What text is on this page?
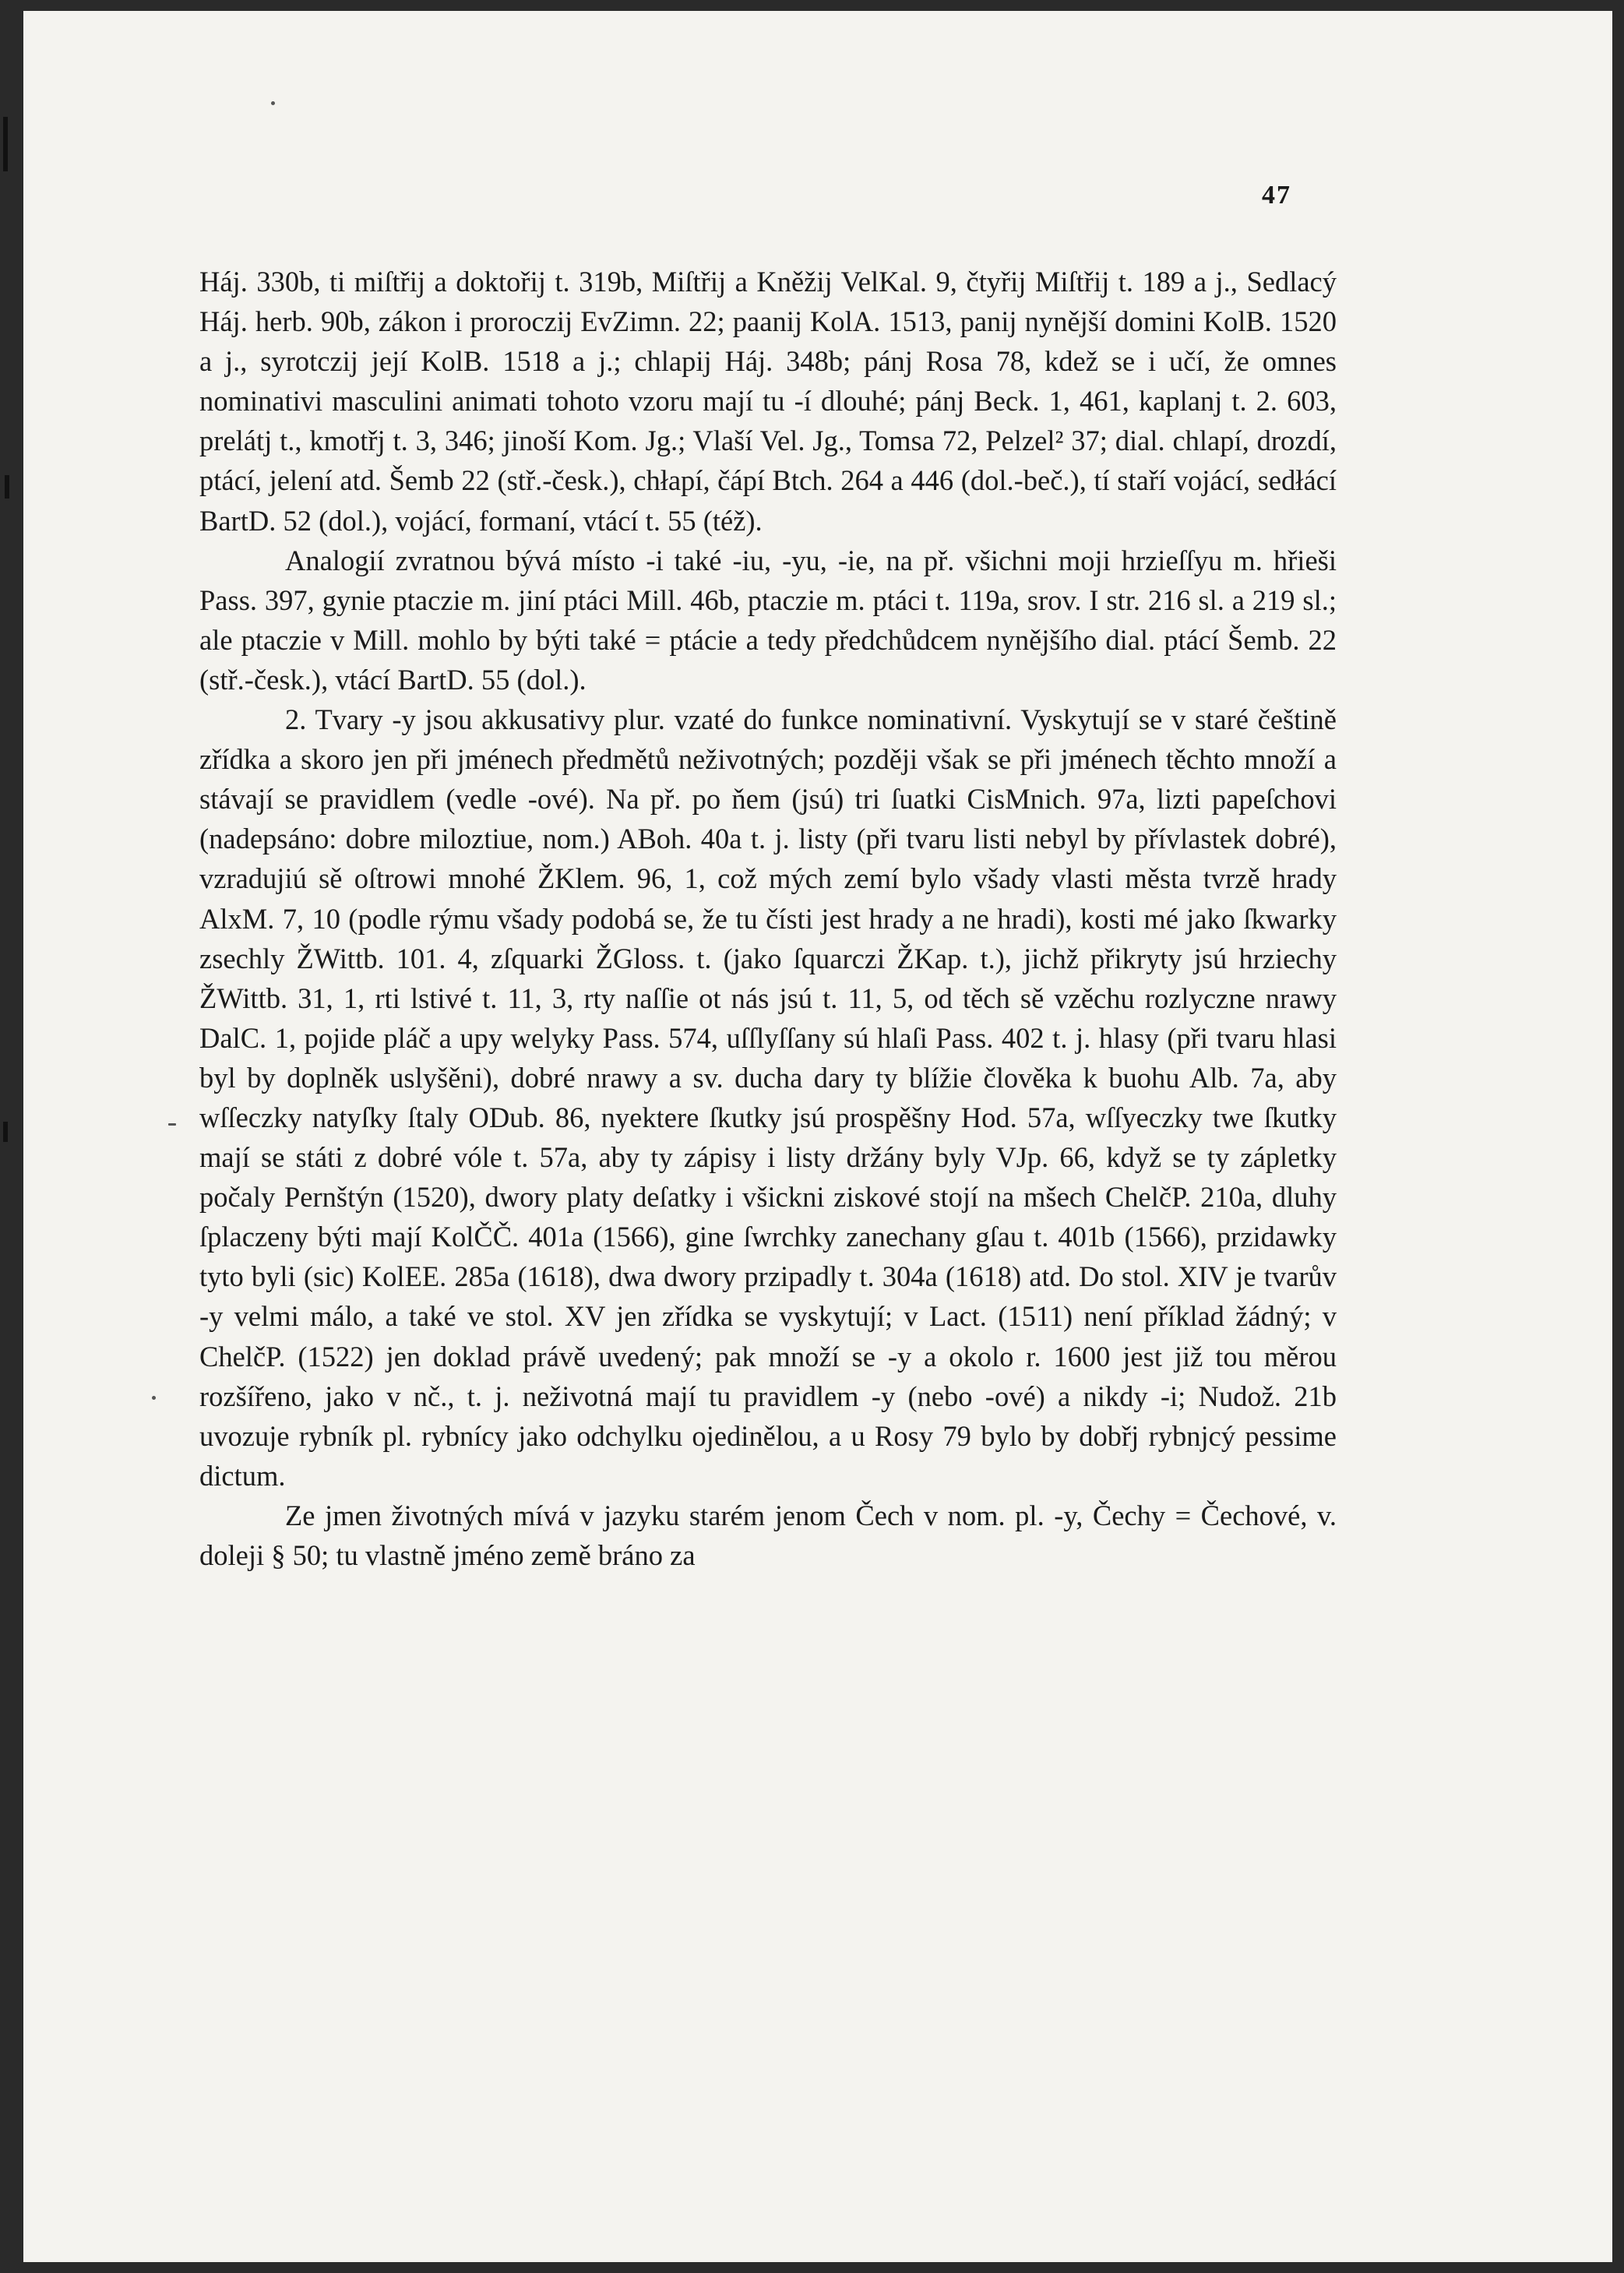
47

Háj. 330b, ti miſtřij a doktořij t. 319b, Miſtřij a Kněžij VelKal. 9, čtyřij Miſtřij t. 189 a j., Sedlacý Háj. herb. 90b, zákon i proroczij EvZimn. 22; paanij KolA. 1513, panij nynější domini KolB. 1520 a j., syrotczij její KolB. 1518 a j.; chlapij Háj. 348b; pánj Rosa 78, kdež se i učí, že omnes nominativi masculini animati tohoto vzoru mají tu -í dlouhé; pánj Beck. 1, 461, kaplanj t. 2. 603, prelátj t., kmotřj t. 3, 346; jinoší Kom. Jg.; Vlaší Vel. Jg., Tomsa 72, Pelzel² 37; dial. chlapí, drozdí, ptácí, jelení atd. Šemb 22 (stř.-česk.), chłapí, čápí Btch. 264 a 446 (dol.-beč.), tí staří vojácí, sedłácí BartD. 52 (dol.), vojácí, formaní, vtácí t. 55 (též).

Analogií zvratnou bývá místo -i také -iu, -yu, -ie, na př. všichni moji hrzieſſyu m. hřieši Pass. 397, gynie ptaczie m. jiní ptáci Mill. 46b, ptaczie m. ptáci t. 119a, srov. I str. 216 sl. a 219 sl.; ale ptaczie v Mill. mohlo by býti také = ptácie a tedy předchůdcem nynějšího dial. ptácí Šemb. 22 (stř.-česk.), vtácí BartD. 55 (dol.).

2. Tvary -y jsou akkusativy plur. vzaté do funkce nominativní. Vyskytují se v staré češtině zřídka a skoro jen při jménech předmětů neživotných; později však se při jménech těchto množí a stávají se pravidlem (vedle -ové). Na př. po ňem (jsú) tri ſuatki CisMnich. 97a, lizti papeſchovi (nadepsáno: dobre miloztiue, nom.) ABoh. 40a t. j. listy (při tvaru listi nebyl by přívlastek dobré), vzradujiú sě oſtrowi mnohé ŽKlem. 96, 1, což mých zemí bylo všady vlasti města tvrzě hrady AlxM. 7, 10 (podle rýmu všady podobá se, že tu čísti jest hrady a ne hradi), kosti mé jako ſkwarky zsechly ŽWittb. 101. 4, zſquarki ŽGloss. t. (jako ſquarczi ŽKap. t.), jichž přikryty jsú hrziechy ŽWittb. 31, 1, rti lstivé t. 11, 3, rty naſſie ot nás jsú t. 11, 5, od těch sě vzěchu rozlyczne nrawy DalC. 1, pojide pláč a upy welyky Pass. 574, uſſlyſſany sú hlaſi Pass. 402 t. j. hlasy (při tvaru hlasi byl by doplněk uslyšěni), dobré nrawy a sv. ducha dary ty blížie člověka k buohu Alb. 7a, aby wſſeczky natyſky ſtaly ODub. 86, nyektere ſkutky jsú prospěšny Hod. 57a, wſſyeczky twe ſkutky mají se státi z dobré vóle t. 57a, aby ty zápisy i listy držány byly VJp. 66, když se ty zápletky počaly Pernštýn (1520), dwory platy deſatky i všickni ziskové stojí na mšech ChelčP. 210a, dluhy ſplaczeny býti mají KolČČ. 401a (1566), gine ſwrchky zanechany gſau t. 401b (1566), przidawky tyto byli (sic) KolEE. 285a (1618), dwa dwory przipadly t. 304a (1618) atd. Do stol. XIV je tvarův -y velmi málo, a také ve stol. XV jen zřídka se vyskytují; v Lact. (1511) není příklad žádný; v ChelčP. (1522) jen doklad právě uvedený; pak množí se -y a okolo r. 1600 jest již tou měrou rozšířeno, jako v nč., t. j. neživotná mají tu pravidlem -y (nebo -ové) a nikdy -i; Nudož. 21b uvozuje rybník pl. rybnícy jako odchylku ojedinělou, a u Rosy 79 bylo by dobřj rybnjcý pessime dictum.

Ze jmen životných mívá v jazyku starém jenom Čech v nom. pl. -y, Čechy = Čechové, v. doleji § 50; tu vlastně jméno země bráno za
